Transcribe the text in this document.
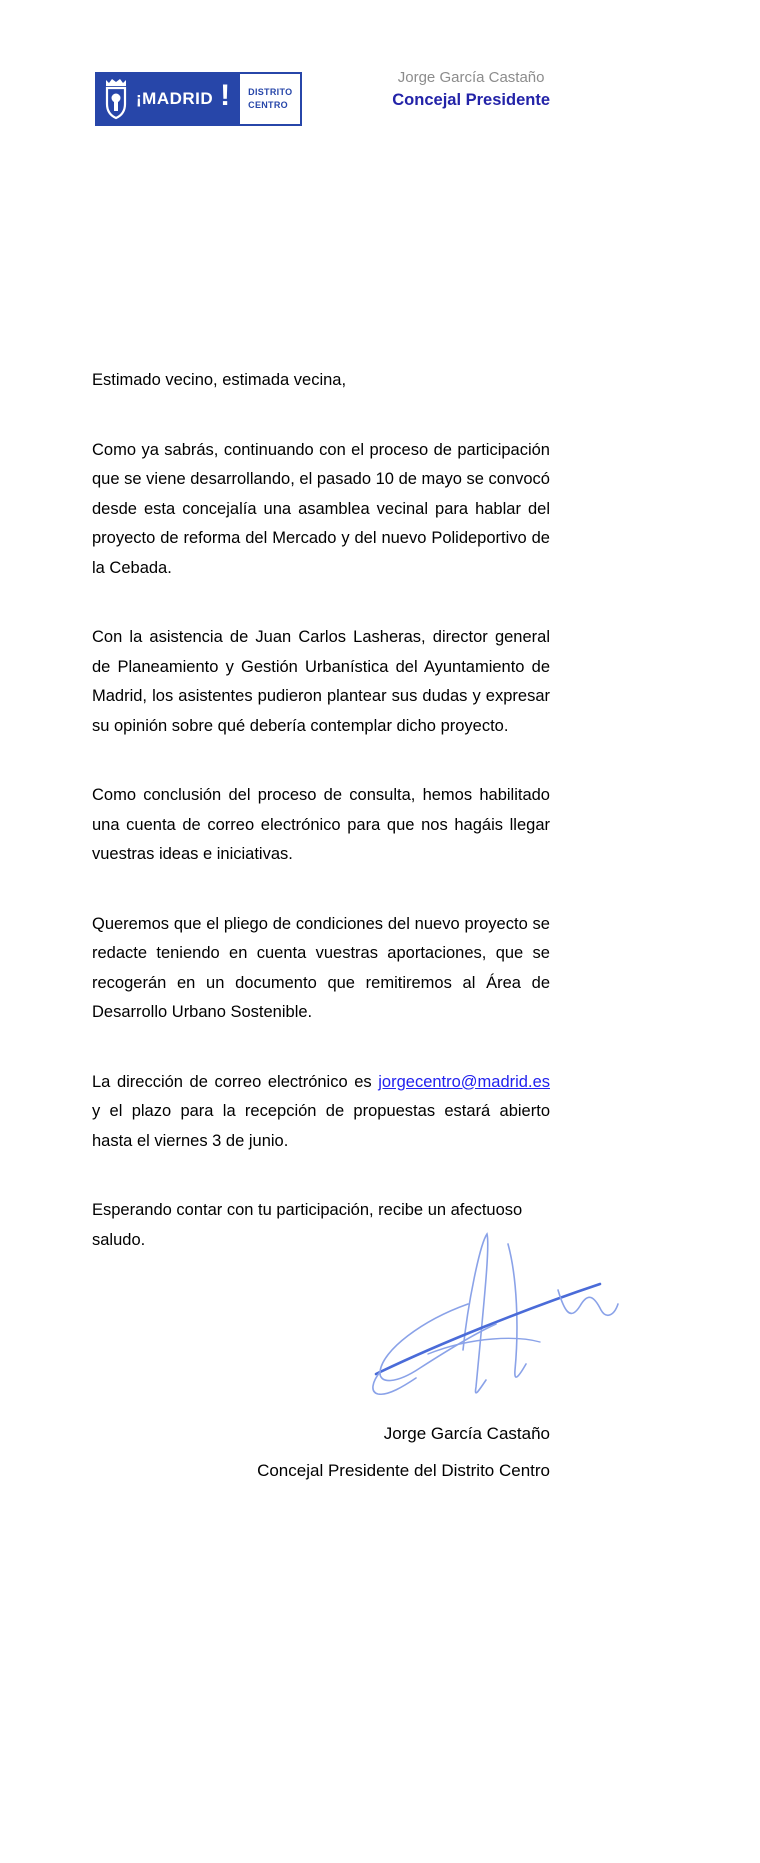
¡MADRID ! DISTRITO
CENTRO

Jorge García Castaño

Concejal Presidente

Estimado vecino, estimada vecina,

Como ya sabrás, continuando con el proceso de participación que se viene desarrollando, el pasado 10 de mayo se convocó desde esta concejalía una asamblea vecinal para hablar del proyecto de reforma del Mercado y del nuevo Polideportivo de la Cebada.

Con la asistencia de Juan Carlos Lasheras, director general de Planeamiento y Gestión Urbanística del Ayuntamiento de Madrid, los asistentes pudieron plantear sus dudas y expresar su opinión sobre qué debería contemplar dicho proyecto.

Como conclusión del proceso de consulta, hemos habilitado una cuenta de correo electrónico para que nos hagáis llegar vuestras ideas e iniciativas.

Queremos que el pliego de condiciones del nuevo proyecto se redacte teniendo en cuenta vuestras aportaciones, que se recogerán en un documento que remitiremos al Área de Desarrollo Urbano Sostenible.

La dirección de correo electrónico es jorgecentro@madrid.es y el plazo para la recepción de propuestas estará abierto hasta el viernes 3 de junio.

Esperando contar con tu participación, recibe un afectuoso saludo.

Jorge García Castaño

Concejal Presidente del Distrito Centro
